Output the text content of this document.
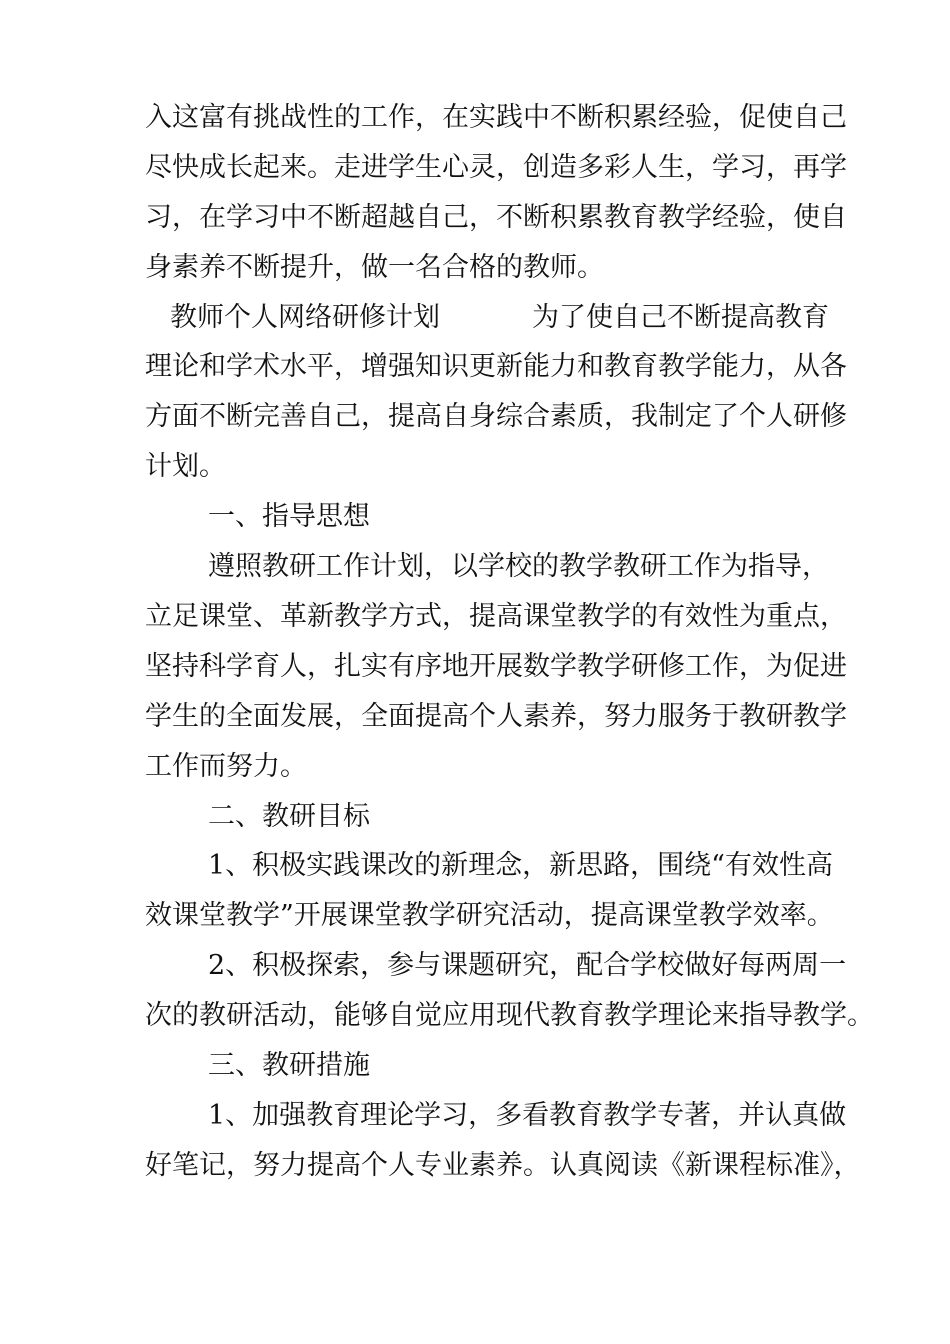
入这富有挑战性的工作，在实践中不断积累经验，促使自己
尽快成长起来。走进学生心灵，创造多彩人生，学习，再学
习，在学习中不断超越自己，不断积累教育教学经验，使自
身素养不断提升，做一名合格的教师。
教师个人网络研修计划	为了使自己不断提高教育
理论和学术水平，增强知识更新能力和教育教学能力，从各
方面不断完善自己，提高自身综合素质，我制定了个人研修
计划。
一、指导思想
遵照教研工作计划，以学校的教学教研工作为指导，
立足课堂、革新教学方式，提高课堂教学的有效性为重点，
坚持科学育人，扎实有序地开展数学教学研修工作，为促进
学生的全面发展，全面提高个人素养，努力服务于教研教学
工作而努力。
二、教研目标
1、积极实践课改的新理念，新思路，围绕“有效性高
效课堂教学”开展课堂教学研究活动，提高课堂教学效率。
2、积极探索，参与课题研究，配合学校做好每两周一
次的教研活动，能够自觉应用现代教育教学理论来指导教学。
三、教研措施
1、加强教育理论学习，多看教育教学专著，并认真做
好笔记，努力提高个人专业素养。认真阅读《新课程标准》，
